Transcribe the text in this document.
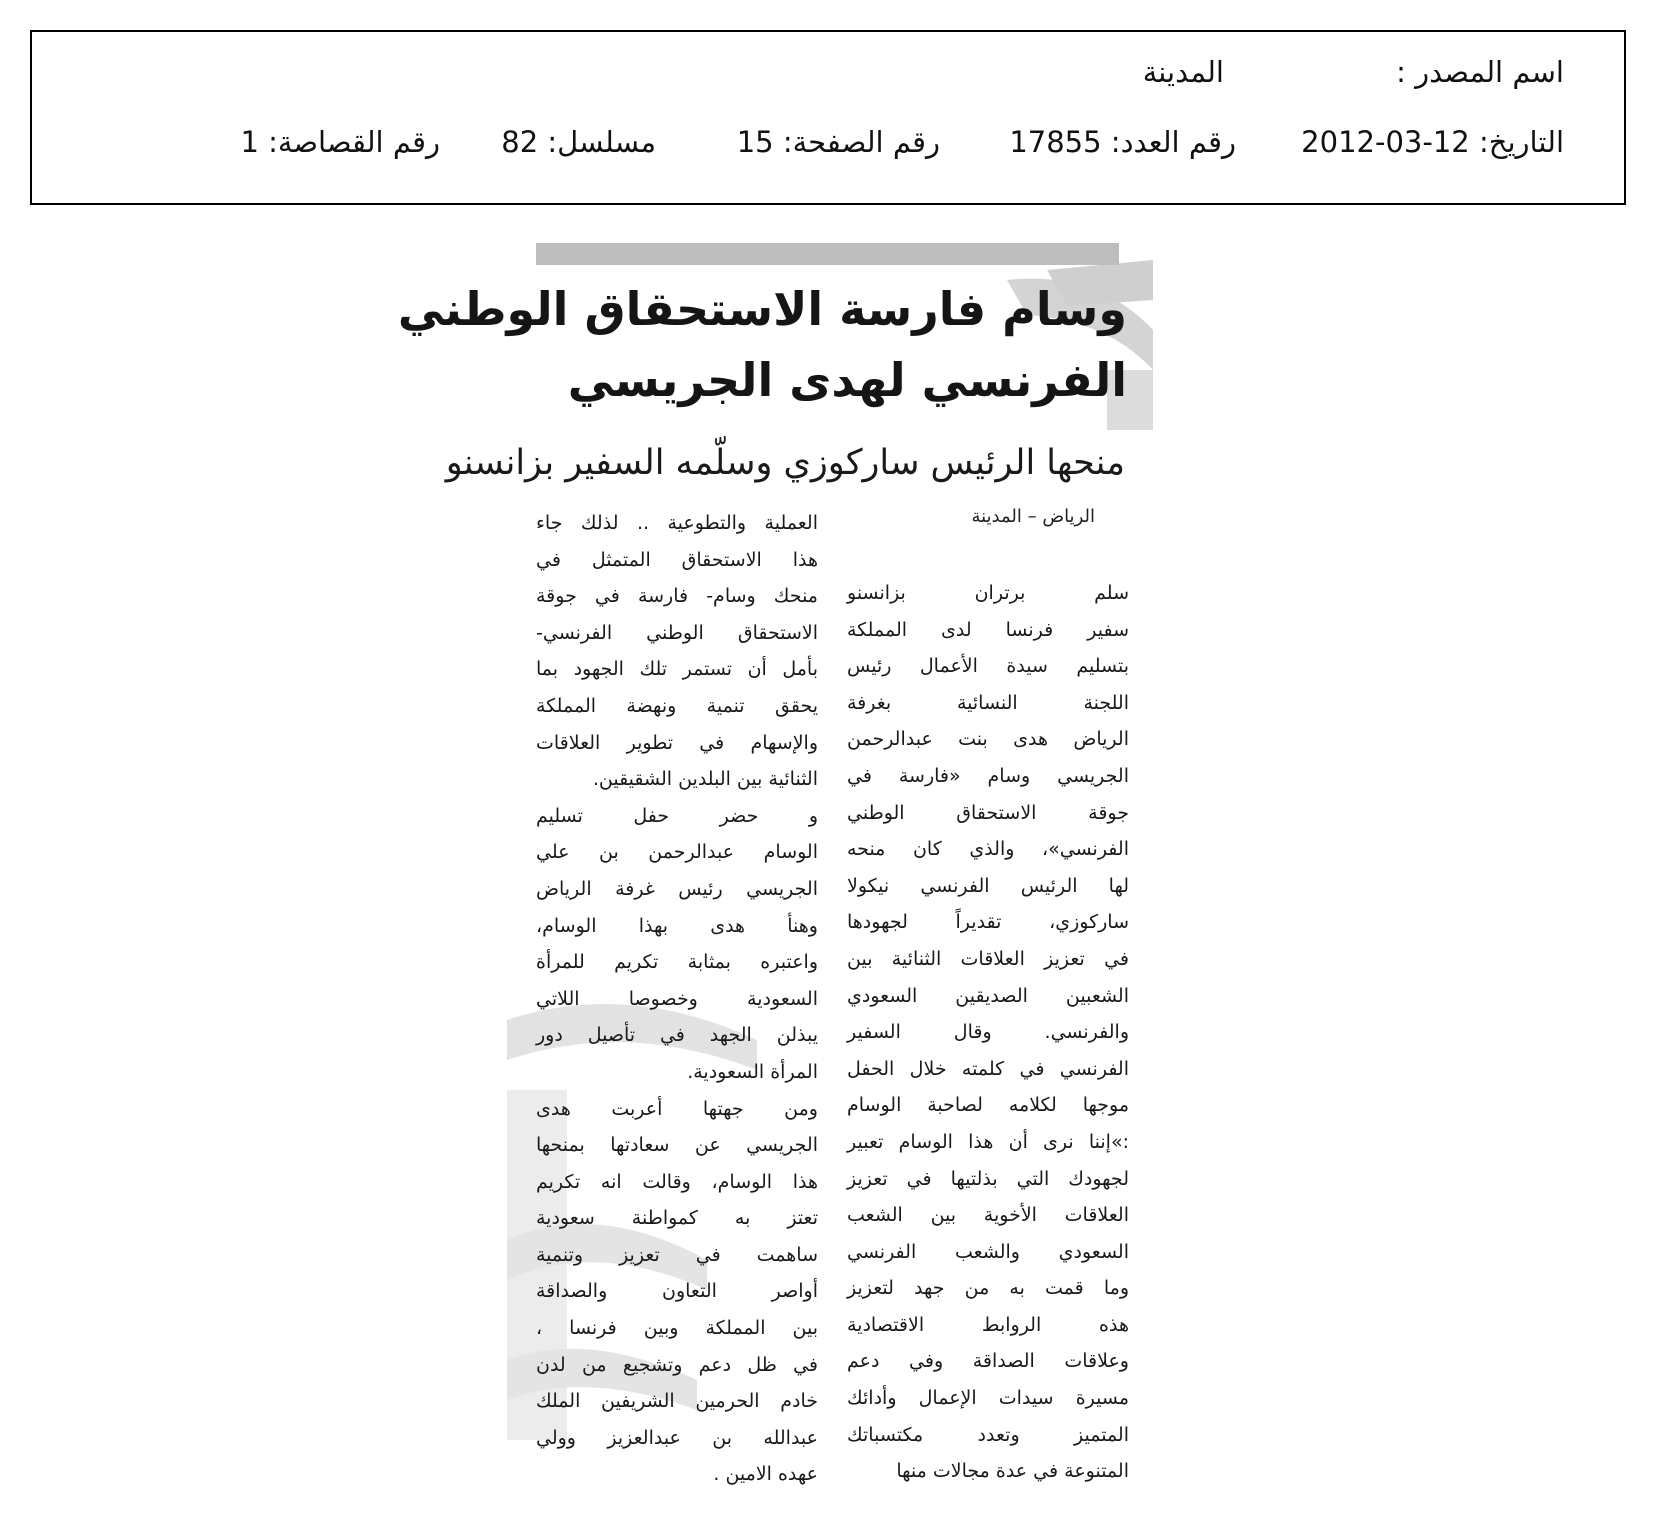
اسم المصدر :
المدينة
التاريخ: 12-03-2012
رقم العدد: 17855
رقم الصفحة: 15
مسلسل: 82
رقم القصاصة: 1
وسام فارسة الاستحقاق الوطني
الفرنسي لهدى الجريسي
منحها الرئيس ساركوزي وسلّمه السفير بزانسنو
الرياض – المدينة
سلم برتران بزانسنو
سفير فرنسا لدى المملكة
بتسليم سيدة الأعمال رئيس
اللجنة النسائية بغرفة
الرياض هدى بنت عبدالرحمن
الجريسي وسام «فارسة في
جوقة الاستحقاق الوطني
الفرنسي»، والذي كان منحه
لها الرئيس الفرنسي نيكولا
ساركوزي، تقديراً لجهودها
في تعزيز العلاقات الثنائية بين
الشعبين الصديقين السعودي
والفرنسي. وقال السفير
الفرنسي في كلمته خلال الحفل
موجها لكلامه لصاحبة الوسام
:»إننا نرى أن هذا الوسام تعبير
لجهودك التي بذلتيها في تعزيز
العلاقات الأخوية بين الشعب
السعودي والشعب الفرنسي
وما قمت به من جهد لتعزيز
هذه الروابط الاقتصادية
وعلاقات الصداقة وفي دعم
مسيرة سيدات الإعمال وأدائك
المتميز وتعدد مكتسباتك
المتنوعة في عدة مجالات منها
العملية والتطوعية .. لذلك جاء
هذا الاستحقاق المتمثل في
منحك وسام- فارسة في جوقة
الاستحقاق الوطني الفرنسي-
بأمل أن تستمر تلك الجهود بما
يحقق تنمية ونهضة المملكة
والإسهام في تطوير العلاقات
الثنائية بين البلدين الشقيقين.
و حضر حفل تسليم
الوسام عبدالرحمن بن علي
الجريسي رئيس غرفة الرياض
وهنأ هدى بهذا الوسام،
واعتبره بمثابة تكريم للمرأة
السعودية وخصوصا اللاتي
يبذلن الجهد في تأصيل دور
المرأة السعودية.
ومن جهتها أعربت هدى
الجريسي عن سعادتها بمنحها
هذا الوسام، وقالت انه تكريم
تعتز به كمواطنة سعودية
ساهمت في تعزيز وتنمية
أواصر التعاون والصداقة
بين المملكة وبين فرنسا ،
في ظل دعم وتشجيع من لدن
خادم الحرمين الشريفين الملك
عبدالله بن عبدالعزيز وولي
عهده الامين .
